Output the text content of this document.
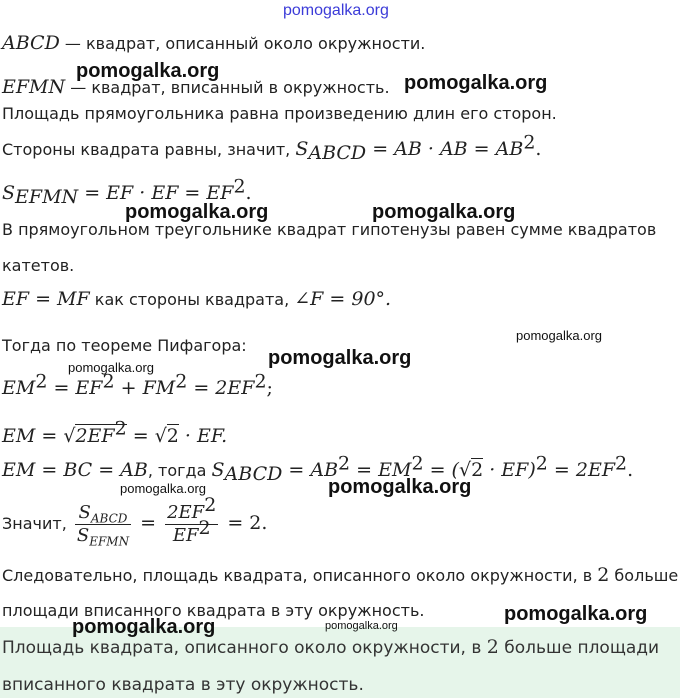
pomogalka.org
ABCD — квадрат, описанный около окружности.
EFMN — квадрат, вписанный в окружность.
Площадь прямоугольника равна произведению длин его сторон.
Стороны квадрата равны, значит, $S_{ABCD}$ = AB · AB = $AB^2$.
$S_{EFMN}$ = EF · EF = $EF^2$.
В прямоугольном треугольнике квадрат гипотенузы равен сумме квадратов
катетов.
EF = MF как стороны квадрата, ∠F = 90°.
Тогда по теореме Пифагора:
$EM^2 = EF^2 + FM^2 = 2EF^2$;
EM = $√2EF^2 = √2$ · EF.
EM = BC = AB, тогда $S_{ABCD} = AB^2 = EM^2 = (√2 \cdot EF)^2 = 2EF^2$.
Значит, $\frac{S_{ABCD}}{S_{EFMN}} = \frac{2EF^2}{EF^2} = 2$.
Следовательно, площадь квадрата, описанного около окружности, в 2 больше
площади вписанного квадрата в эту окружность.
Площадь квадрата, описанного около окружности, в 2 больше площади
вписанного квадрата в эту окружность.
pomogalka.org
pomogalka.org
pomogalka.org	pomogalka.org
pomogalka.org
pomogalka.org	pomogalka.org
pomogalka.org	pomogalka.org
pomogalka.org
pomogalka.org	pomogalka.org
